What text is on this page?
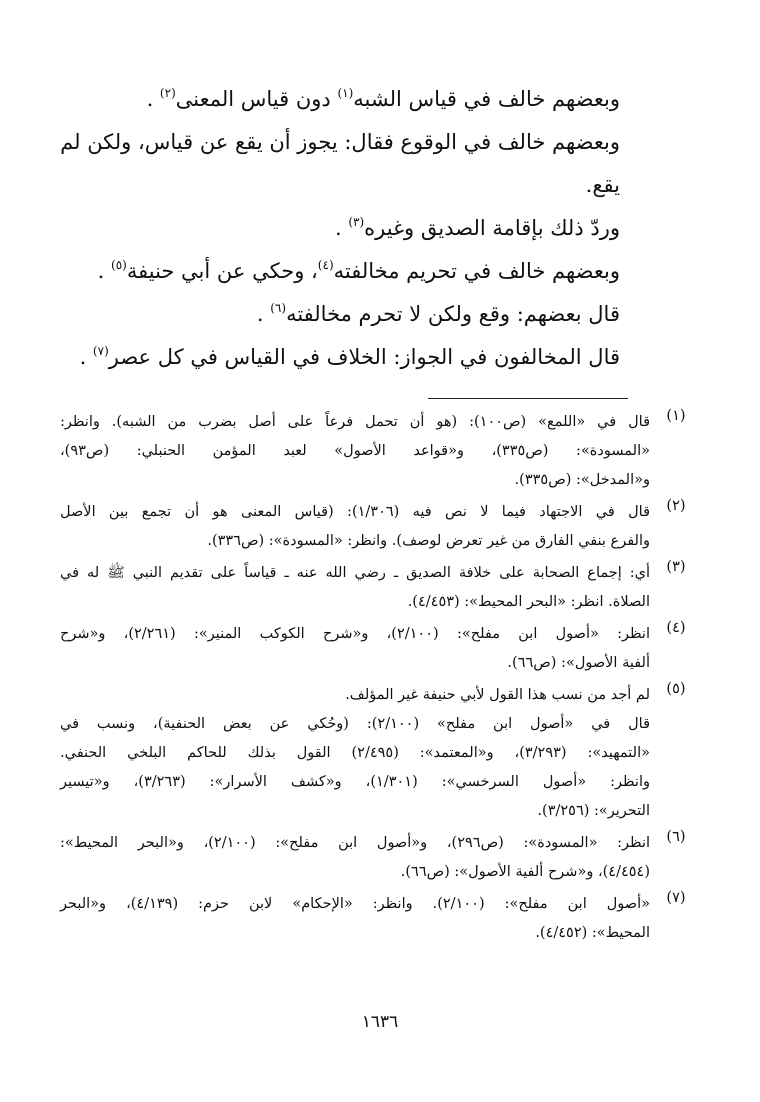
وبعضهم خالف في قياس الشبه$^{(١)}$ دون قياس المعنى$^{(٢)}$ .
وبعضهم خالف في الوقوع فقال: يجوز أن يقع عن قياس، ولكن لم
يقع.
وردّ ذلك بإقامة الصديق وغيره$^{(٣)}$ .
وبعضهم خالف في تحريم مخالفته$^{(٤)}$، وحكي عن أبي حنيفة$^{(٥)}$ .
قال بعضهم: وقع ولكن لا تحرم مخالفته$^{(٦)}$ .
قال المخالفون في الجواز: الخلاف في القياس في كل عصر$^{(٧)}$ .
(١)
قال في «اللمع» (ص١٠٠): (هو أن تحمل فرعاً على أصل بضرب من الشبه). وانظر:
«المسودة»: (ص٣٣٥)، و«قواعد الأصول» لعبد المؤمن الحنبلي: (ص٩٣)،
و«المدخل»: (ص٣٣٥).
(٢)
قال في الاجتهاد فيما لا نص فيه (١/٣٠٦): (قياس المعنى هو أن تجمع بين الأصل
والفرع بنفي الفارق من غير تعرض لوصف). وانظر: «المسودة»: (ص٣٣٦).
(٣)
أي: إجماع الصحابة على خلافة الصديق ـ رضي الله عنه ـ قياساً على تقديم النبي ﷺ له في
الصلاة. انظر: «البحر المحيط»: (٤/٤٥٣).
(٤)
انظر: «أصول ابن مفلح»: (٢/١٠٠)، و«شرح الكوكب المنير»: (٢/٢٦١)، و«شرح
ألفية الأصول»: (ص٦٦).
(٥)
لم أجد من نسب هذا القول لأبي حنيفة غير المؤلف.
قال في «أصول ابن مفلح» (٢/١٠٠): (وحُكي عن بعض الحنفية)، ونسب في
«التمهيد»: (٣/٢٩٣)، و«المعتمد»: (٢/٤٩٥) القول بذلك للحاكم البلخي الحنفي.
وانظر: «أصول السرخسي»: (١/٣٠١)، و«كشف الأسرار»: (٣/٢٦٣)، و«تيسير
التحرير»: (٣/٢٥٦).
(٦)
انظر: «المسودة»: (ص٢٩٦)، و«أصول ابن مفلح»: (٢/١٠٠)، و«البحر المحيط»:
(٤/٤٥٤)، و«شرح ألفية الأصول»: (ص٦٦).
(٧)
«أصول ابن مفلح»: (٢/١٠٠). وانظر: «الإحكام» لابن حزم: (٤/١٣٩)، و«البحر
المحيط»: (٤/٤٥٢).
١٦٣٦
